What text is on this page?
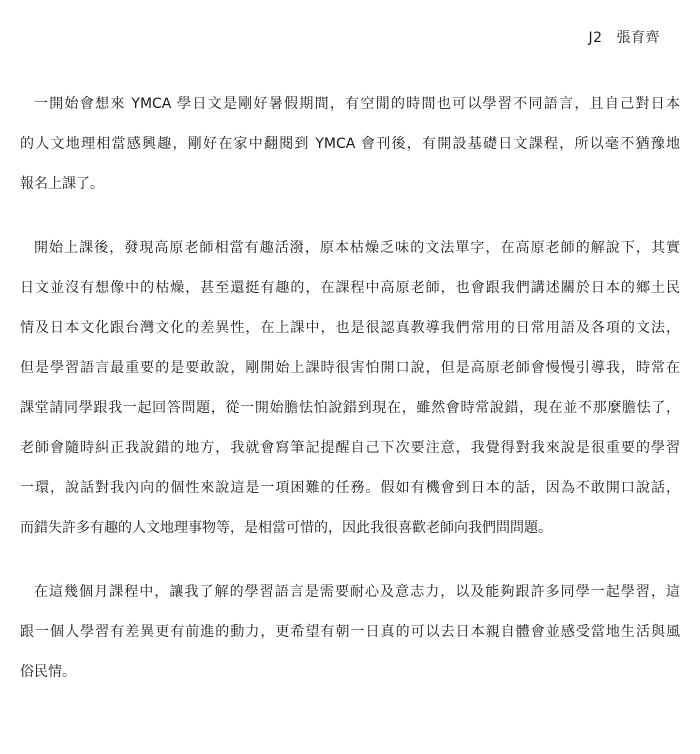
J2 張育齊
一開始會想來 YMCA 學日文是剛好暑假期間，有空閒的時間也可以學習不同語言，且自己對日本
的人文地理相當感興趣，剛好在家中翻閱到 YMCA 會刊後，有開設基礎日文課程，所以毫不猶豫地
報名上課了。
開始上課後，發現高原老師相當有趣活潑，原本枯燥乏味的文法單字，在高原老師的解說下，其實
日文並沒有想像中的枯燥，甚至還挺有趣的，在課程中高原老師，也會跟我們講述關於日本的鄉土民
情及日本文化跟台灣文化的差異性，在上課中，也是很認真教導我們常用的日常用語及各項的文法，
但是學習語言最重要的是要敢說，剛開始上課時很害怕開口說，但是高原老師會慢慢引導我，時常在
課堂請同學跟我一起回答問題，從一開始膽怯怕說錯到現在，雖然會時常說錯，現在並不那麼膽怯了，
老師會隨時糾正我說錯的地方，我就會寫筆記提醒自己下次要注意，我覺得對我來說是很重要的學習
一環，說話對我內向的個性來說這是一項困難的任務。假如有機會到日本的話，因為不敢開口說話，
而錯失許多有趣的人文地理事物等，是相當可惜的，因此我很喜歡老師向我們問問題。
在這幾個月課程中，讓我了解的學習語言是需要耐心及意志力，以及能夠跟許多同學一起學習，這
跟一個人學習有差異更有前進的動力，更希望有朝一日真的可以去日本親自體會並感受當地生活與風
俗民情。
